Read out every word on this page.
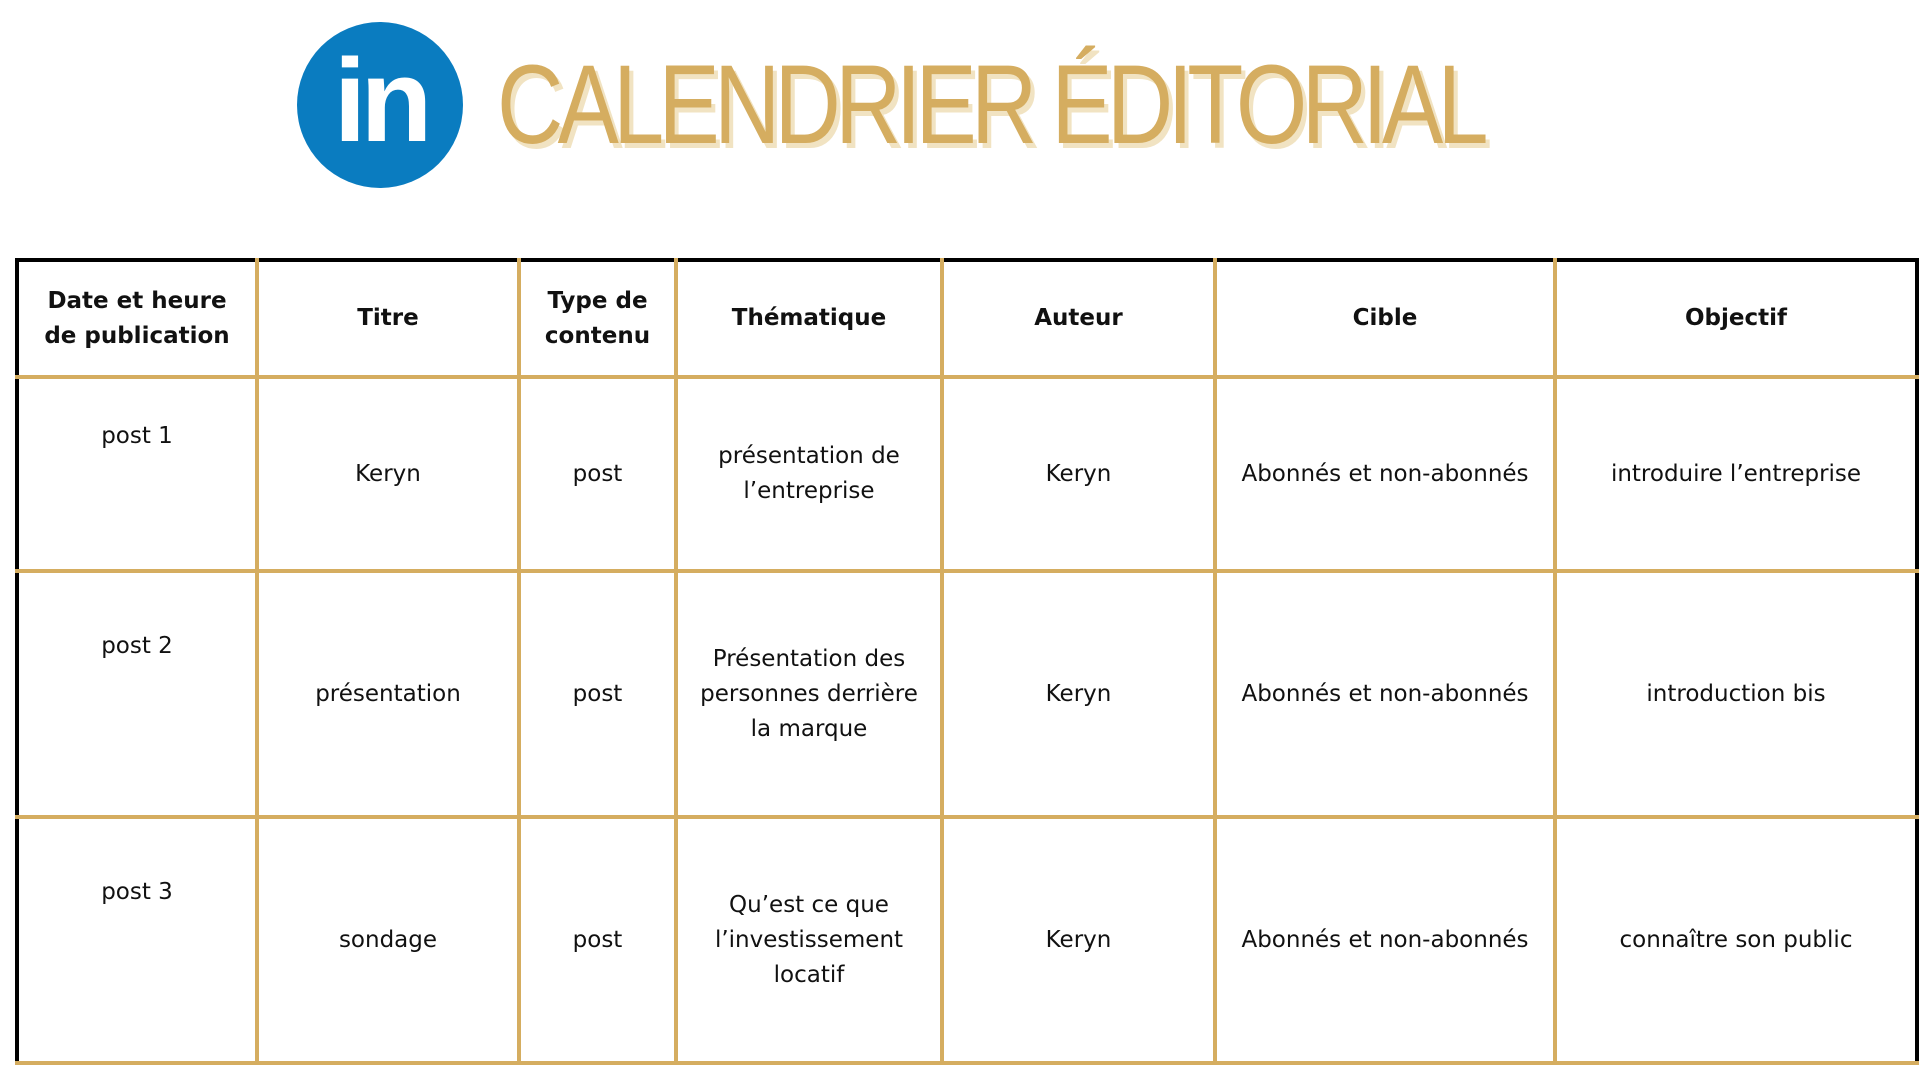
in CALENDRIER ÉDITORIAL
Date et heure de publication	Titre	Type de contenu	Thématique	Auteur	Cible	Objectif
post 1	Keryn	post	présentation de l’entreprise	Keryn	Abonnés et non-abonnés	introduire l’entreprise
post 2	présentation	post	Présentation des personnes derrière la marque	Keryn	Abonnés et non-abonnés	introduction bis
post 3	sondage	post	Qu’est ce que l’investissement locatif	Keryn	Abonnés et non-abonnés	connaître son public
